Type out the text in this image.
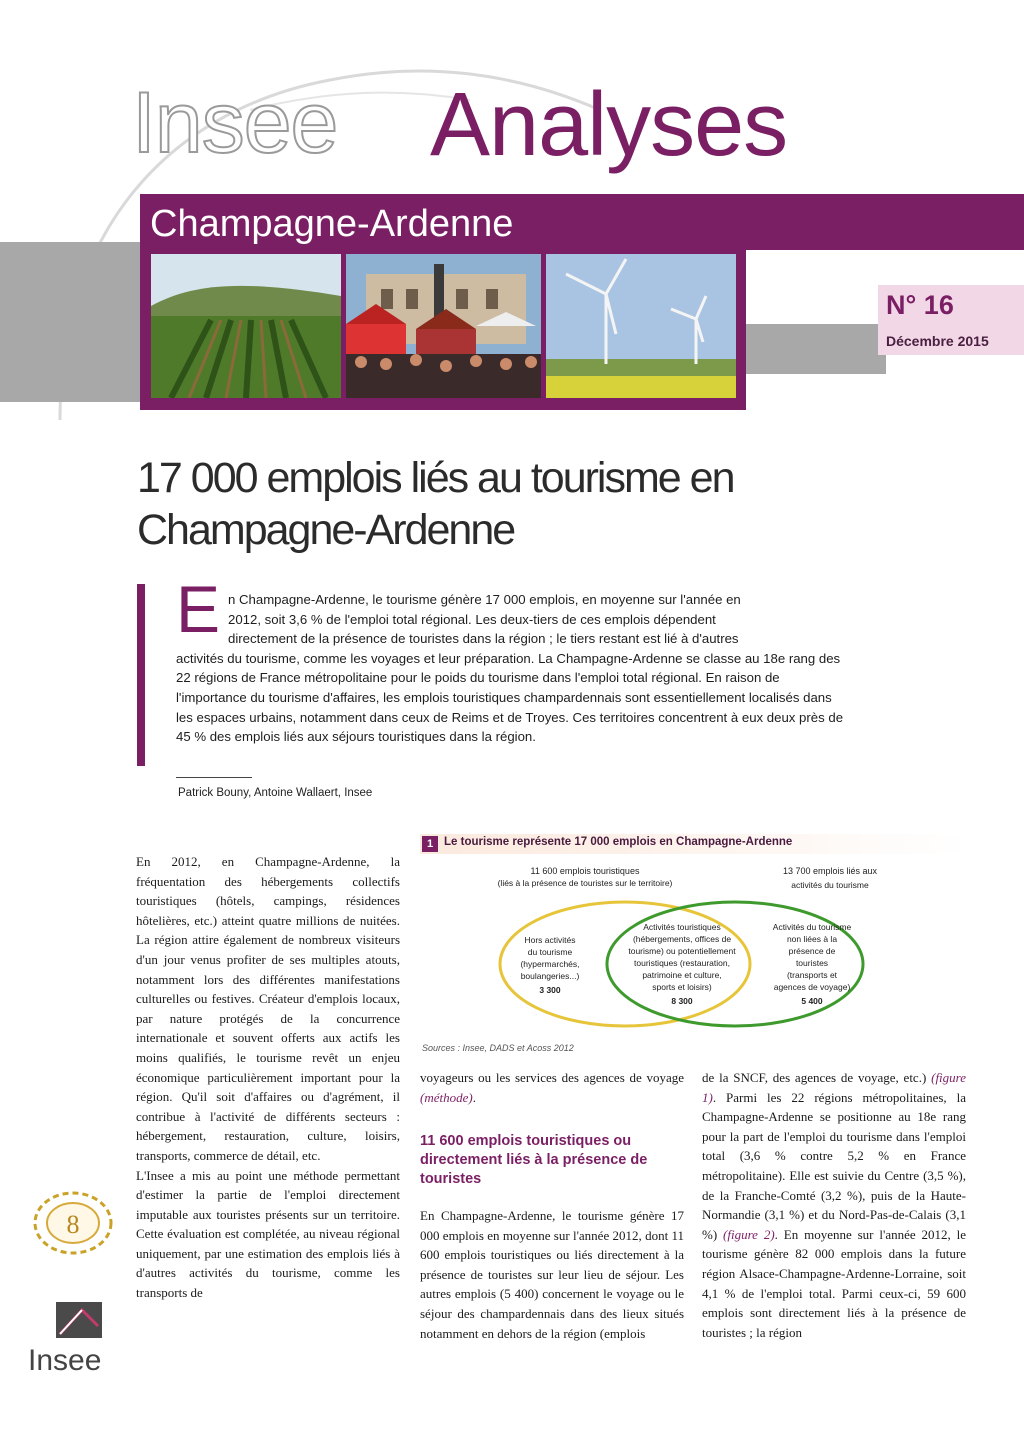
Insee Analyses
Champagne-Ardenne
N° 16
Décembre 2015
17 000 emplois liés au tourisme en
Champagne-Ardenne
E n Champagne-Ardenne, le tourisme génère 17 000 emplois, en moyenne sur l'année en
2012, soit 3,6 % de l'emploi total régional. Les deux-tiers de ces emplois dépendent
directement de la présence de touristes dans la région ; le tiers restant est lié à d'autres
activités du tourisme, comme les voyages et leur préparation. La Champagne-Ardenne se classe au 18e rang des 22 régions de France métropolitaine pour le poids du tourisme dans l'emploi total régional. En raison de l'importance du tourisme d'affaires, les emplois touristiques champardennais sont essentiellement localisés dans les espaces urbains, notamment dans ceux de Reims et de Troyes. Ces territoires concentrent à eux deux près de 45 % des emplois liés aux séjours touristiques dans la région.
Patrick Bouny, Antoine Wallaert, Insee
1 Le tourisme représente 17 000 emplois en Champagne-Ardenne
11 600 emplois touristiques
(liés à la présence de touristes sur le territoire)
13 700 emplois liés aux
activités du tourisme
Hors activités
du tourisme
(hypermarchés,
boulangeries...)
3 300
Activités touristiques
(hébergements, offices de
tourisme) ou potentiellement
touristiques (restauration,
patrimoine et culture,
sports et loisirs)
8 300
Activités du tourisme
non liées à la
présence de
touristes
(transports et
agences de voyage)
5 400
Sources : Insee, DADS et Acoss 2012
En 2012, en Champagne-Ardenne, la fréquentation des hébergements collectifs touristiques (hôtels, campings, résidences hôtelières, etc.) atteint quatre millions de nuitées. La région attire également de nombreux visiteurs d'un jour venus profiter de ses multiples atouts, notamment lors des différentes manifestations culturelles ou festives. Créateur d'emplois locaux, par nature protégés de la concurrence internationale et souvent offerts aux actifs les moins qualifiés, le tourisme revêt un enjeu économique particulièrement important pour la région. Qu'il soit d'affaires ou d'agrément, il contribue à l'activité de différents secteurs : hébergement, restauration, culture, loisirs, transports, commerce de détail, etc.
L'Insee a mis au point une méthode permettant d'estimer la partie de l'emploi directement imputable aux touristes présents sur un territoire. Cette évaluation est complétée, au niveau régional uniquement, par une estimation des emplois liés à d'autres activités du tourisme, comme les transports de
voyageurs ou les services des agences de voyage (méthode).
11 600 emplois touristiques ou directement liés à la présence de touristes
En Champagne-Ardenne, le tourisme génère 17 000 emplois en moyenne sur l'année 2012, dont 11 600 emplois touristiques ou liés directement à la présence de touristes sur leur lieu de séjour. Les autres emplois (5 400) concernent le voyage ou le séjour des champardennais dans des lieux situés notamment en dehors de la région (emplois
de la SNCF, des agences de voyage, etc.) (figure 1). Parmi les 22 régions métropolitaines, la Champagne-Ardenne se positionne au 18e rang pour la part de l'emploi du tourisme dans l'emploi total (3,6 % contre 5,2 % en France métropolitaine). Elle est suivie du Centre (3,5 %), de la Franche-Comté (3,2 %), puis de la Haute-Normandie (3,1 %) et du Nord-Pas-de-Calais (3,1 %) (figure 2). En moyenne sur l'année 2012, le tourisme génère 82 000 emplois dans la future région Alsace-Champagne-Ardenne-Lorraine, soit 4,1 % de l'emploi total. Parmi ceux-ci, 59 600 emplois sont directement liés à la présence de touristes ; la région
8
Insee
